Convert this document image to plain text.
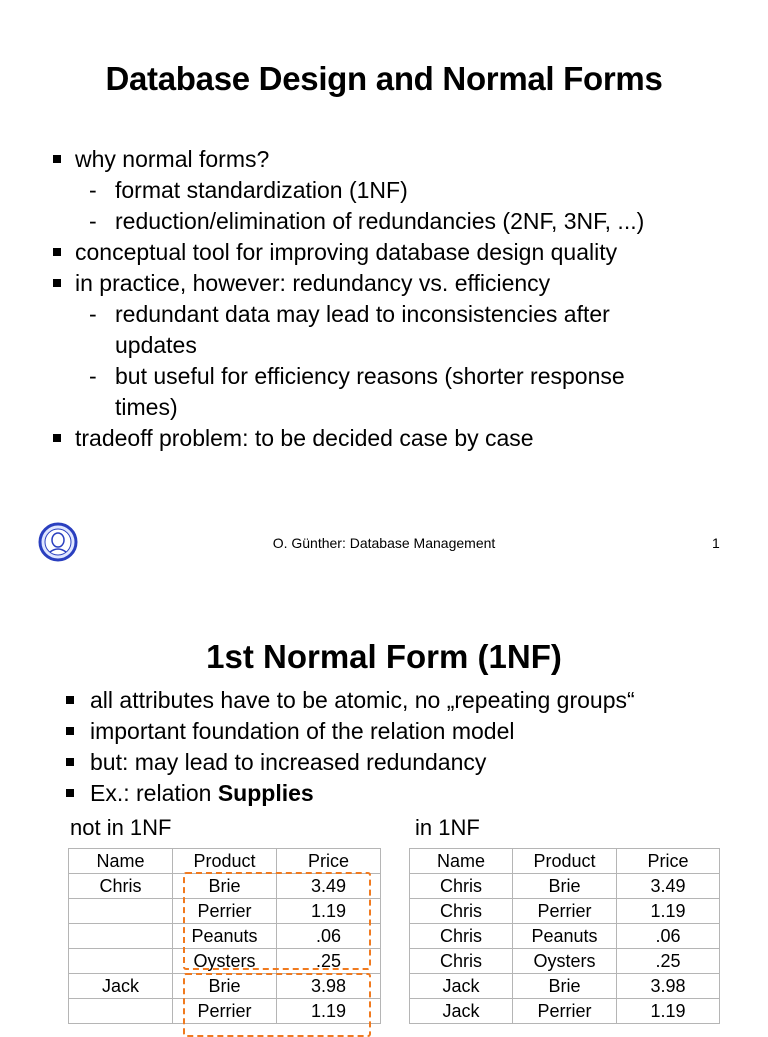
Database Design and Normal Forms
why normal forms?
- format standardization (1NF)
- reduction/elimination of redundancies (2NF, 3NF, ...)
conceptual tool for improving database design quality
in practice, however: redundancy vs. efficiency
- redundant data may lead to inconsistencies after
updates
- but useful for efficiency reasons (shorter response
times)
tradeoff problem: to be decided case by case
O. Günther: Database Management	1
1st Normal Form (1NF)
all attributes have to be atomic, no „repeating groups“
important foundation of the relation model
but: may lead to increased redundancy
Ex.: relation Supplies
not in 1NF	in 1NF
Name	Product	Price
Chris	Brie	3.49
	Perrier	1.19
	Peanuts	.06
	Oysters	.25
Jack	Brie	3.98
	Perrier	1.19
Name	Product	Price
Chris	Brie	3.49
Chris	Perrier	1.19
Chris	Peanuts	.06
Chris	Oysters	.25
Jack	Brie	3.98
Jack	Perrier	1.19
